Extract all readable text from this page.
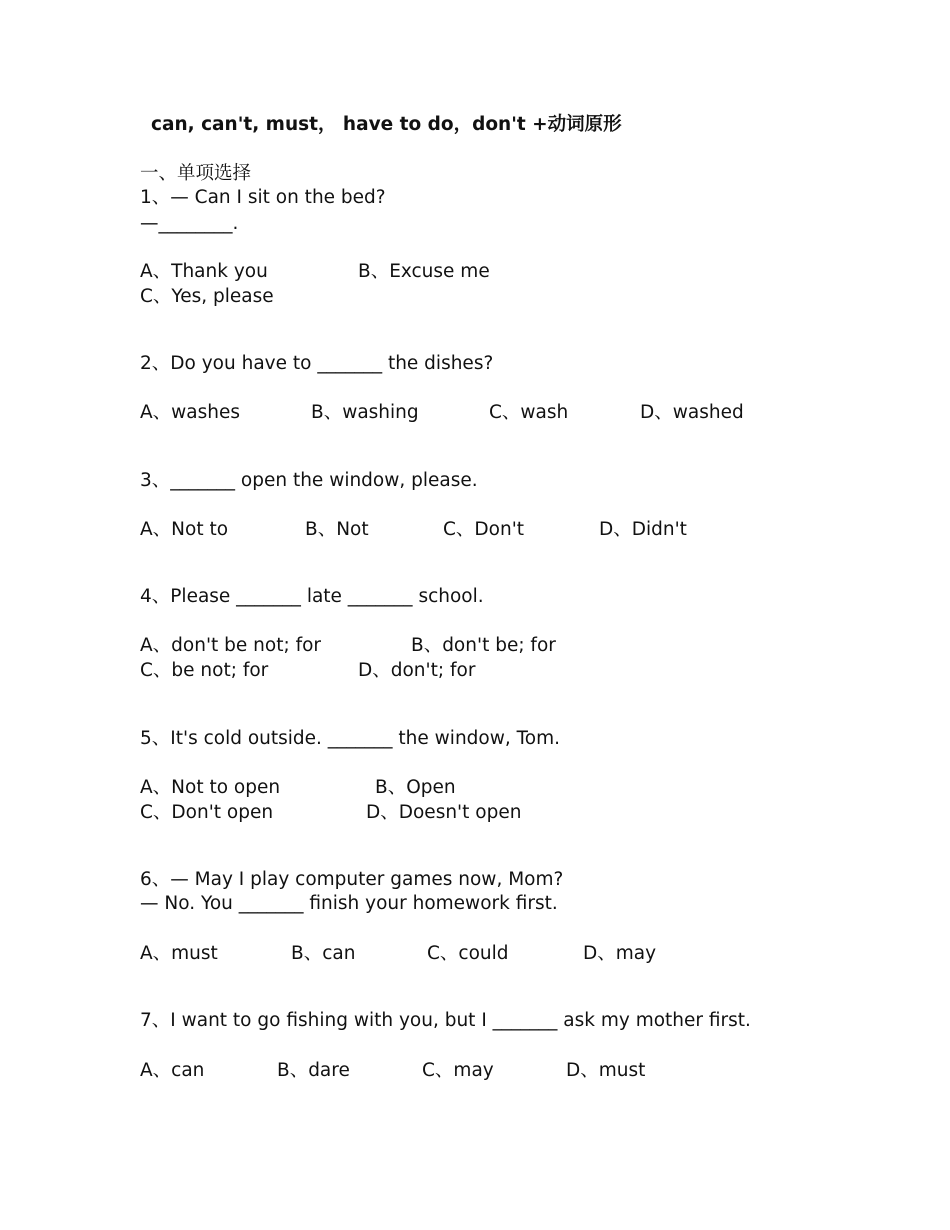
can, can't, must， have to do，don't +动词原形
一、单项选择
1、— Can I sit on the bed?
—________.
A、Thank you	B、Excuse me
C、Yes, please
2、Do you have to _______ the dishes?
A、washes	B、washing	C、wash	D、washed
3、_______ open the window, please.
A、Not to	B、Not	C、Don't	D、Didn't
4、Please _______ late _______ school.
A、don't be not; for	B、don't be; for
C、be not; for	D、don't; for
5、It's cold outside. _______ the window, Tom.
A、Not to open	B、Open
C、Don't open	D、Doesn't open
6、— May I play computer games now, Mom?
— No. You _______ finish your homework first.
A、must	B、can	C、could	D、may
7、I want to go fishing with you, but I _______ ask my mother first.
A、can	B、dare	C、may	D、must
